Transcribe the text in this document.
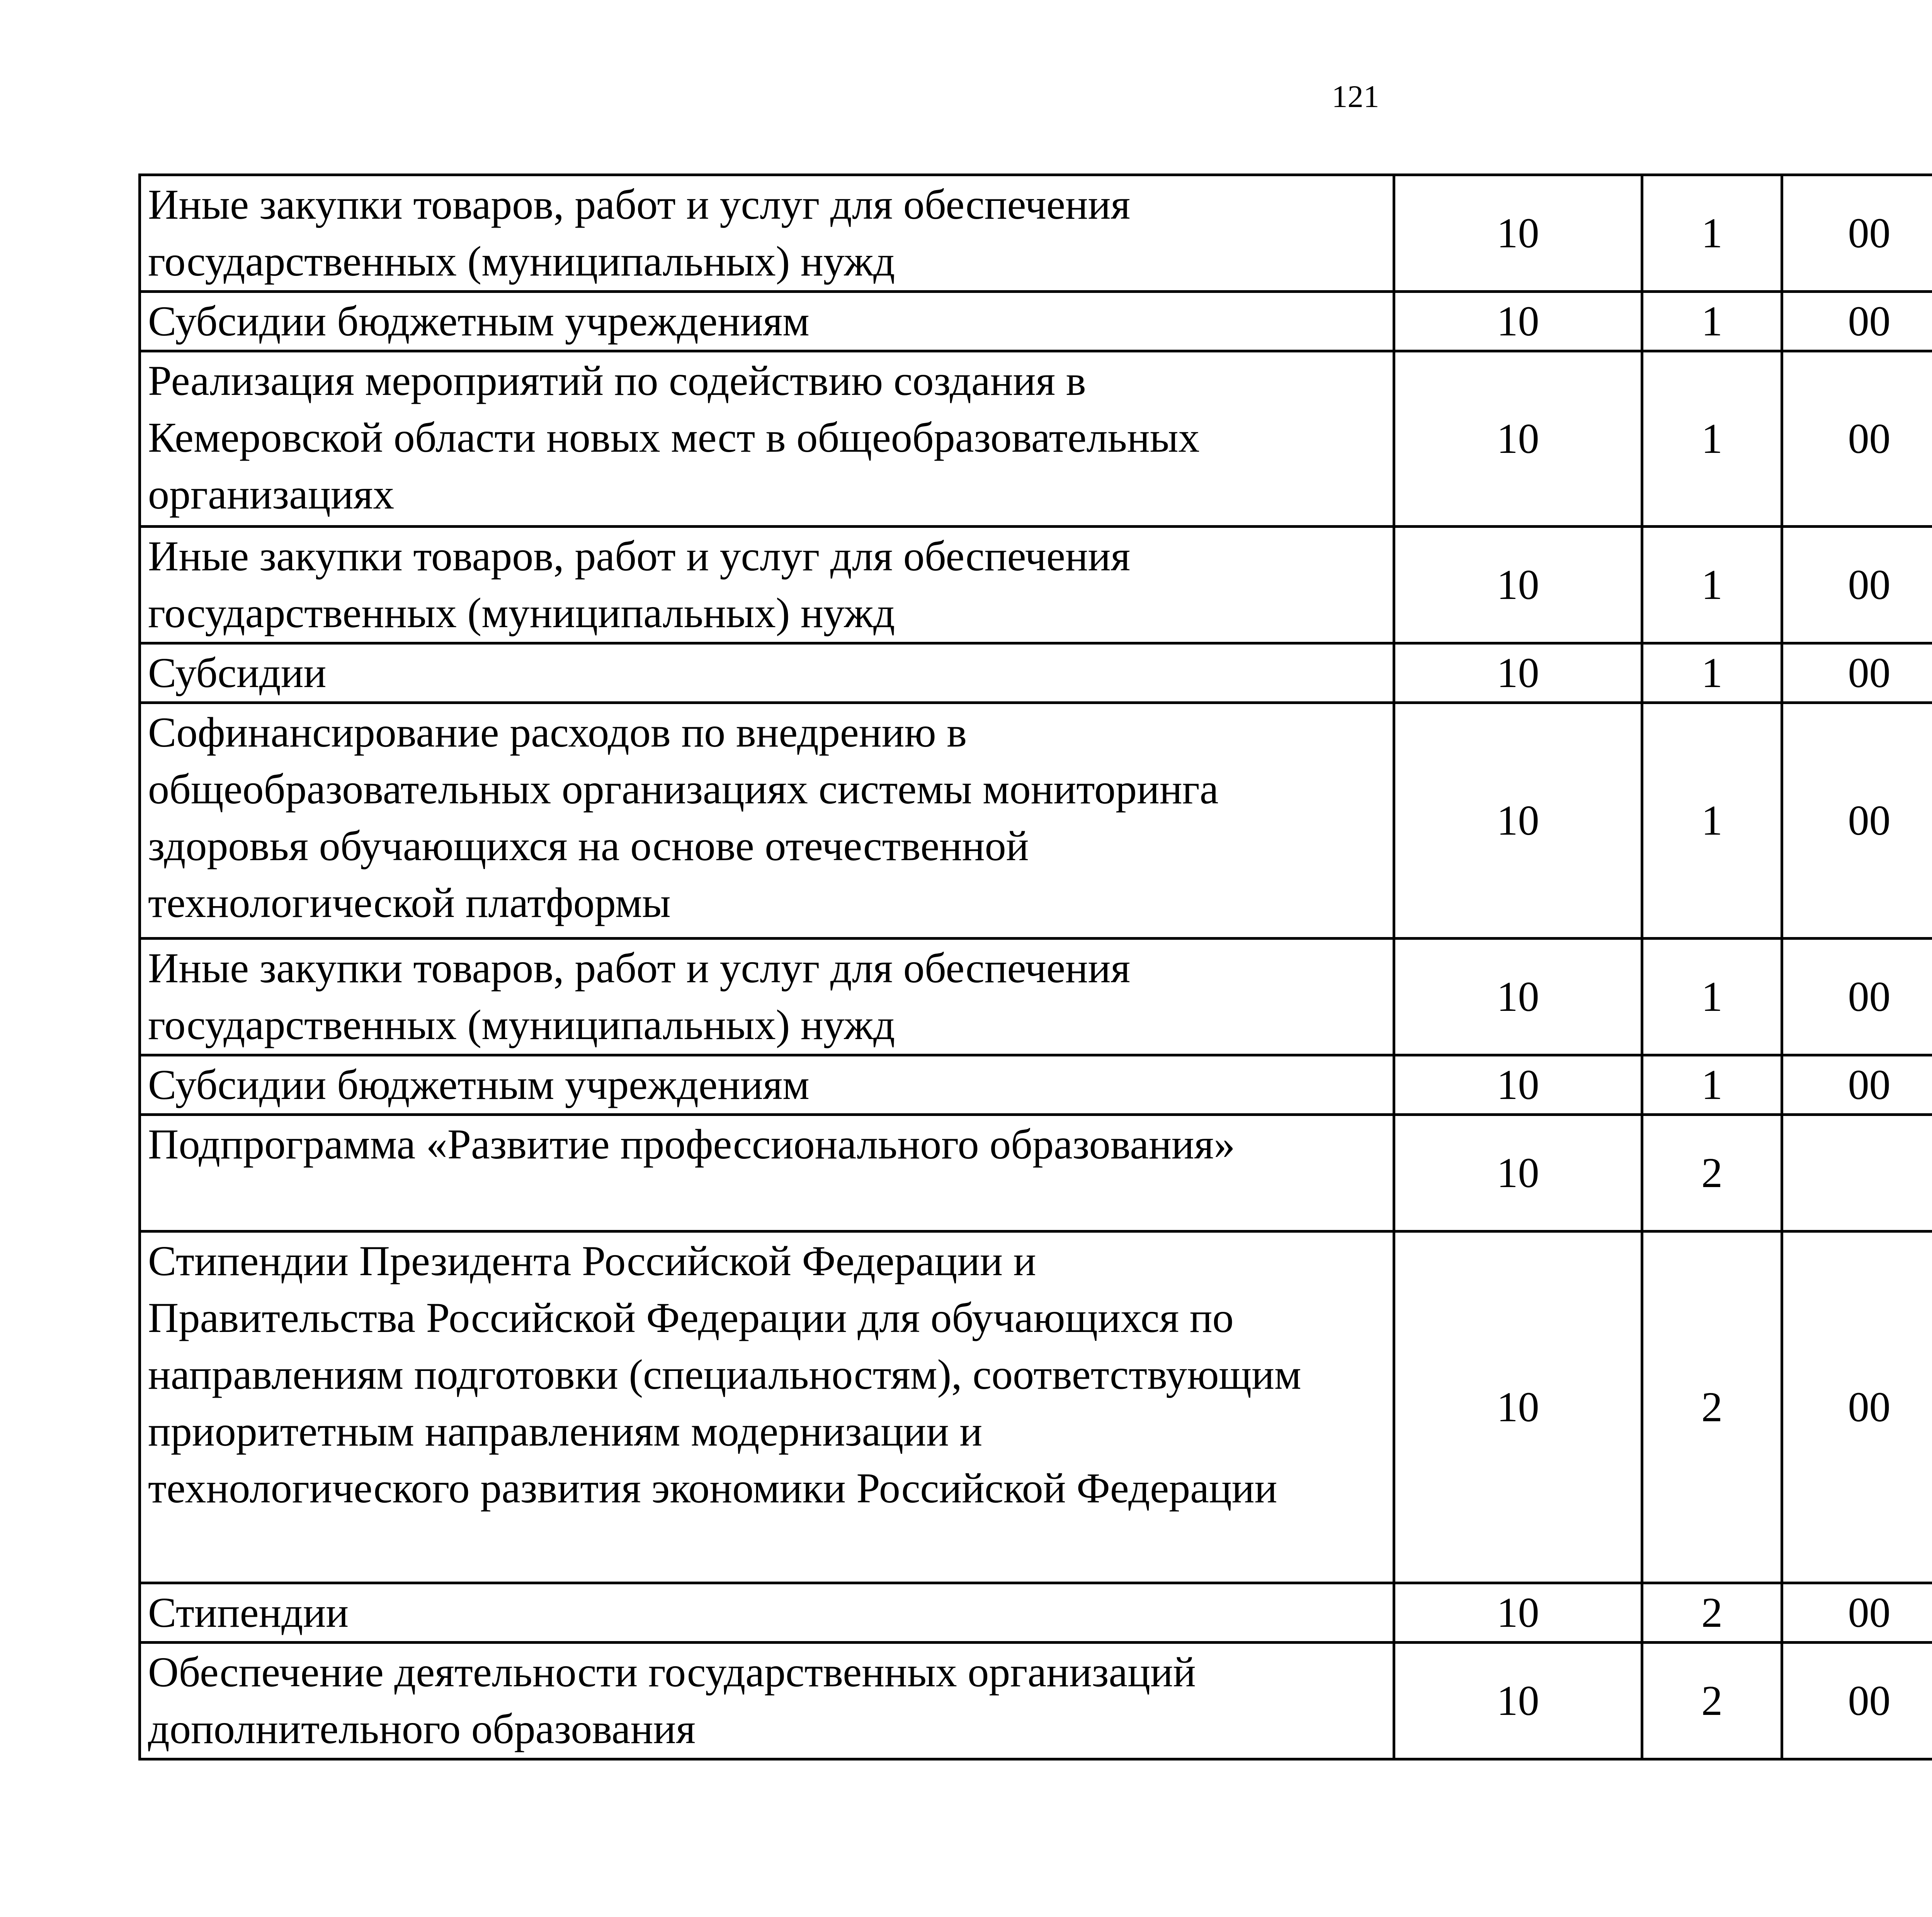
121
Иные закупки товаров, работ и услуг для обеспечения
государственных (муниципальных) нужд	10	1	00			

Субсидии бюджетным учреждениям	10	1	00			

Реализация мероприятий по содействию создания в
Кемеровской области новых мест в общеобразовательных
организациях	10	1	00			

Иные закупки товаров, работ и услуг для обеспечения
государственных (муниципальных) нужд	10	1	00			

Субсидии	10	1	00			

Софинансирование расходов по внедрению в
общеобразовательных организациях системы мониторинга
здоровья обучающихся на основе отечественной
технологической платформы	10	1	00			

Иные закупки товаров, работ и услуг для обеспечения
государственных (муниципальных) нужд	10	1	00			

Субсидии бюджетным учреждениям	10	1	00			

Подпрограмма «Развитие профессионального образования»	10	2				

Стипендии Президента Российской Федерации и
Правительства Российской Федерации для обучающихся по
направлениям подготовки (специальностям), соответствующим
приоритетным направлениям модернизации и
технологического развития экономики Российской Федерации	10	2	00			

Стипендии	10	2	00			

Обеспечение деятельности государственных организаций
дополнительного образования	10	2	00			
